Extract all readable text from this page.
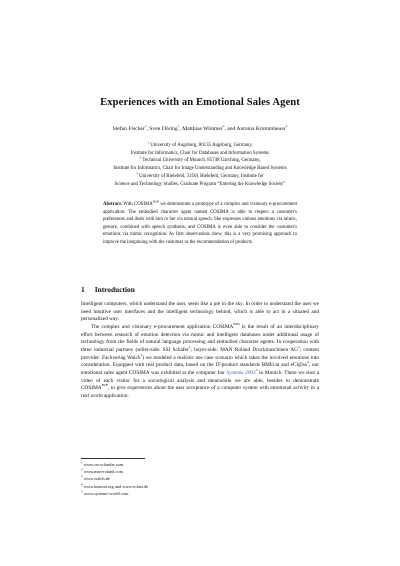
Experiences with an Emotional Sales Agent
Stefan Fischer$^1$, Sven Döring$^1$, Matthias Wimmer$^2$, and Antonia Krummheuer$^3$
$^1$ University of Augsburg, 86135 Augsburg, Germany,
Institute for Informatics, Chair for Databases and Information Systems
$^2$ Technical University of Munich, 85748 Garching, Germany,
Institute for Informatics, Chair for Image Understanding and Knowledge Based Systems
$^3$ University of Bielefeld, 33501 Bielefeld, Germany, Institute for
Science and Technology Studies, Graduate Program “Entering the Knowledge Society”
Abstract. With $COSIMA^{B2B}$ we demonstrate a prototype of a complex and visionary e-procurement application. The embodied character agent named COSIMA is able to respect a customer's preferences and deals with him or her via natural speech. She expresses various emotions via mimic, gesture, combined with speech synthesis, and COSIMA is even able to consider the customer's emotions via mimic recognition. As first observations show, this is a very promising approach to improve the bargaining with the customer or the recommendation of products.
1 Introduction

Intelligent computers, which understand the user, seem like a pie in the sky. In order to understand the user we need intuitive user interfaces and the intelligent technology behind, which is able to act in a situated and personalized way.

The complex and visionary e-procurement application $COSIMA^{B2B}$ is the result of an interdisciplinary effort between research of emotion detection via mimic and intelligent databases under additional usage of technology from the fields of natural language processing and embodied character agents. In cooperation with three industrial partners (seller-side: SSI Schäfer$^1$; buyer-side: MAN Roland Druckmaschinen $AG^2$; content provider: Fachverlag Walch$^3$) we modeled a realistic use case scenario which takes the involved emotions into consideration. Equipped with real product data, based on the IT-product standards BMEcat and $eCl@ss^4$, our emotional sales agent COSIMA was exhibited at the computer fair Systems 2003$^5$ in Munich. There we shot a video of each visitor for a sociological analysis and meanwhile we are able, besides to demonstrate $COSIMA^{B2B}$, to give experiences about the user acceptance of a computer system with emotional activity in a real world application.

$^1$ www.ssi-schaefer.com
$^2$ www.man-roland.com
$^3$ www.walch.de
$^4$ www.bmecat.org and www.eclass.de
$^5$ www.systems-world.com
